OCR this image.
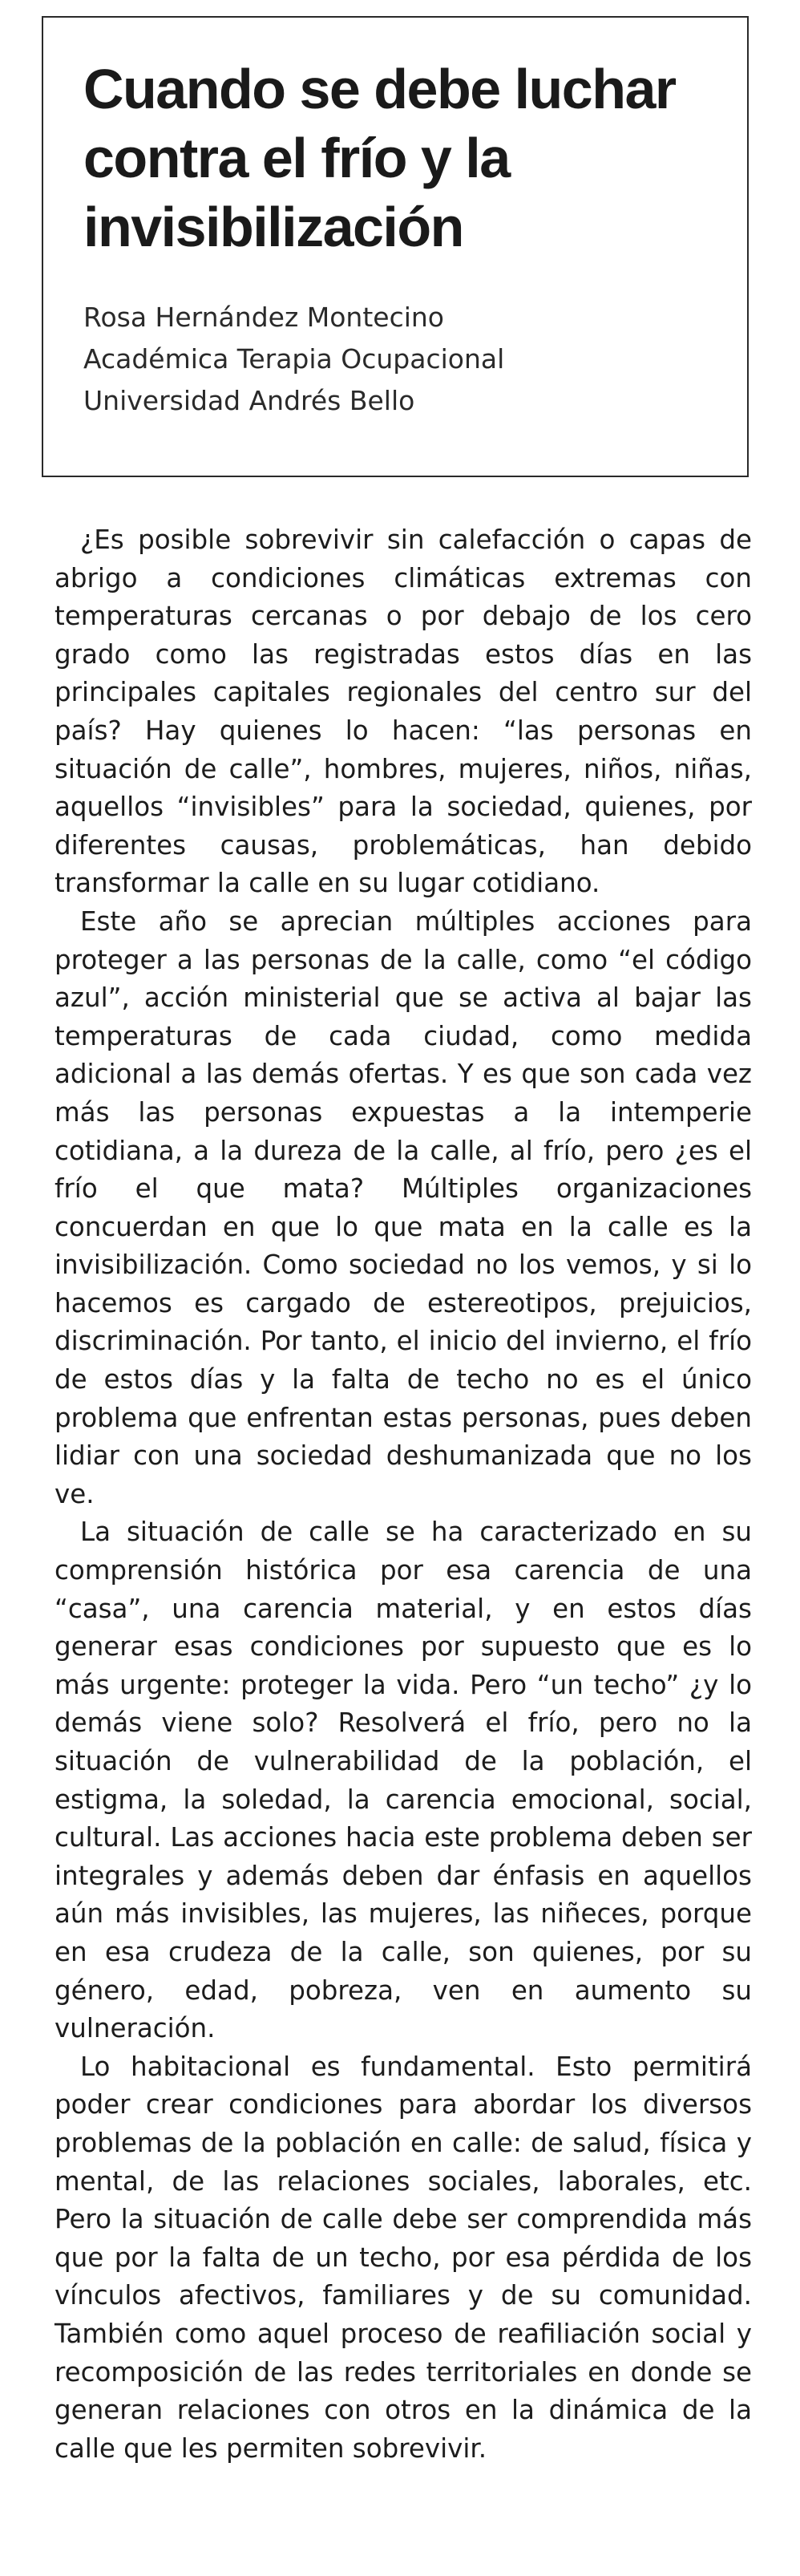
Cuando se debe luchar
contra el frío y la
invisibilización
Rosa Hernández Montecino
Académica Terapia Ocupacional
Universidad Andrés Bello

¿Es posible sobrevivir sin calefacción o capas de abrigo a condiciones climáticas extremas con temperaturas cercanas o por debajo de los cero grado como las registradas estos días en las principales capitales regionales del centro sur del país? Hay quienes lo hacen: “las personas en situación de calle”, hombres, mujeres, niños, niñas, aquellos “invisibles” para la sociedad, quienes, por diferentes causas, problemáticas, han debido transformar la calle en su lugar cotidiano.

Este año se aprecian múltiples acciones para proteger a las personas de la calle, como “el código azul”, acción ministerial que se activa al bajar las temperaturas de cada ciudad, como medida adicional a las demás ofertas. Y es que son cada vez más las personas expuestas a la intemperie cotidiana, a la dureza de la calle, al frío, pero ¿es el frío el que mata? Múltiples organizaciones concuerdan en que lo que mata en la calle es la invisibilización. Como sociedad no los vemos, y si lo hacemos es cargado de estereotipos, prejuicios, discriminación. Por tanto, el inicio del invierno, el frío de estos días y la falta de techo no es el único problema que enfrentan estas personas, pues deben lidiar con una sociedad deshumanizada que no los ve.

La situación de calle se ha caracterizado en su comprensión histórica por esa carencia de una “casa”, una carencia material, y en estos días generar esas condiciones por supuesto que es lo más urgente: proteger la vida. Pero “un techo” ¿y lo demás viene solo? Resolverá el frío, pero no la situación de vulnerabilidad de la población, el estigma, la soledad, la carencia emocional, social, cultural. Las acciones hacia este problema deben ser integrales y además deben dar énfasis en aquellos aún más invisibles, las mujeres, las niñeces, porque en esa crudeza de la calle, son quienes, por su género, edad, pobreza, ven en aumento su vulneración.

Lo habitacional es fundamental. Esto permitirá poder crear condiciones para abordar los diversos problemas de la población en calle: de salud, física y mental, de las relaciones sociales, laborales, etc. Pero la situación de calle debe ser comprendida más que por la falta de un techo, por esa pérdida de los vínculos afectivos, familiares y de su comunidad. También como aquel proceso de reafiliación social y recomposición de las redes territoriales en donde se generan relaciones con otros en la dinámica de la calle que les permiten sobrevivir.
